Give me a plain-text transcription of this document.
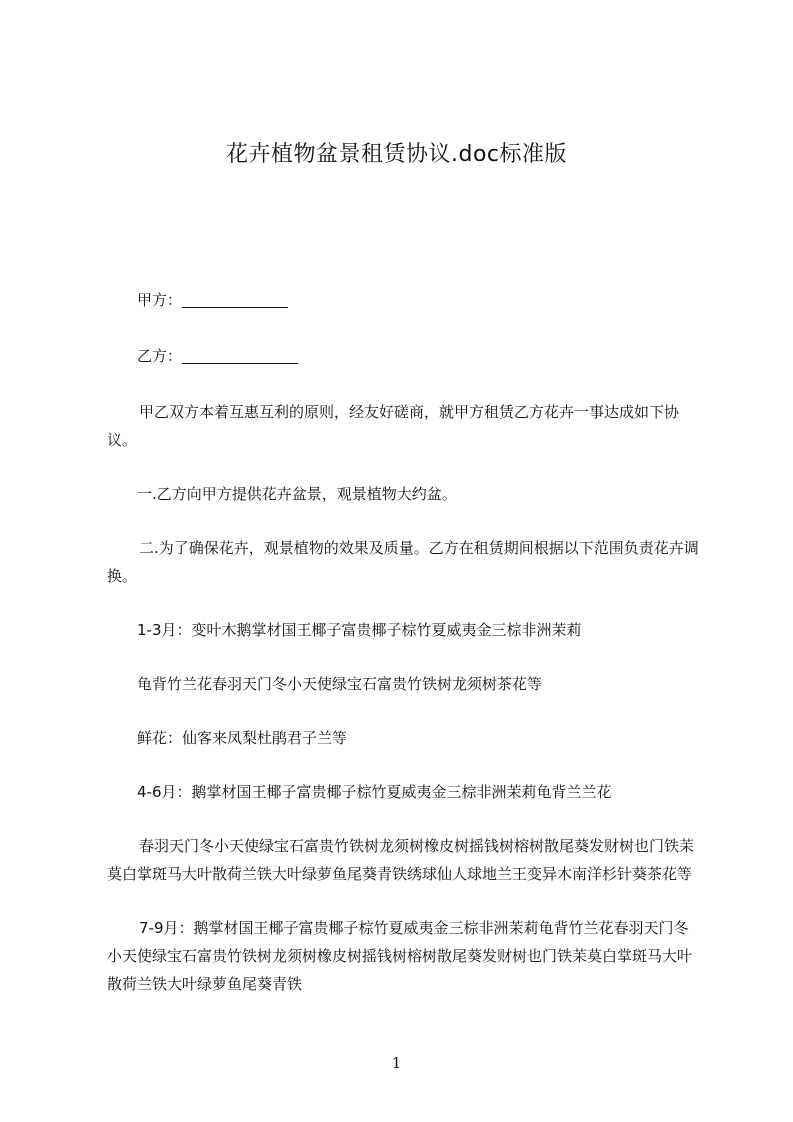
花卉植物盆景租赁协议.doc标准版

甲方：

乙方：

甲乙双方本着互惠互利的原则，经友好磋商，就甲方租赁乙方花卉一事达成如下协议。

一.乙方向甲方提供花卉盆景，观景植物大约盆。

二.为了确保花卉，观景植物的效果及质量。乙方在租赁期间根据以下范围负责花卉调换。

1-3月：变叶木鹅掌材国王椰子富贵椰子棕竹夏威夷金三棕非洲茉莉

龟背竹兰花春羽天门冬小天使绿宝石富贵竹铁树龙须树茶花等

鲜花：仙客来凤梨杜鹃君子兰等

4-6月：鹅掌材国王椰子富贵椰子棕竹夏威夷金三棕非洲茉莉龟背兰兰花

春羽天门冬小天使绿宝石富贵竹铁树龙须树橡皮树摇钱树榕树散尾葵发财树也门铁苿莫白掌斑马大叶散荷兰铁大叶绿萝鱼尾葵青铁绣球仙人球地兰王变异木南洋杉针葵茶花等

7-9月：鹅掌材国王椰子富贵椰子棕竹夏威夷金三棕非洲茉莉龟背竹兰花春羽天门冬小天使绿宝石富贵竹铁树龙须树橡皮树摇钱树榕树散尾葵发财树也门铁苿莫白掌斑马大叶散荷兰铁大叶绿萝鱼尾葵青铁

1
